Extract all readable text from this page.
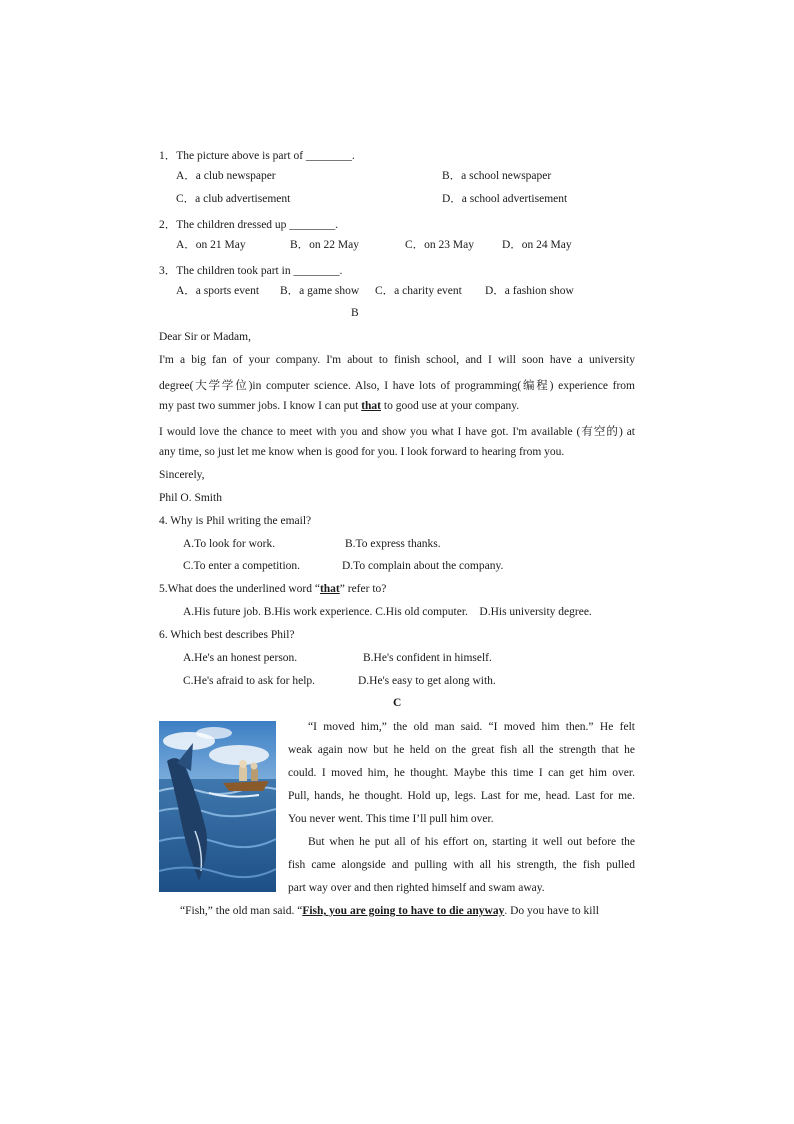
1．The picture above is part of ________.
A．a club newspaper	B．a school newspaper
C．a club advertisement	D．a school advertisement
2．The children dressed up ________.
A．on 21 May	B．on 22 May	C．on 23 May D．on 24 May
3．The children took part in ________.
A．a sports event B．a game show C．a charity event D．a fashion show
B
Dear Sir or Madam,
I'm a big fan of your company. I'm about to finish school, and I will soon have a university
degree(大学学位)in computer science. Also, I have lots of programming(编程) experience from
my past two summer jobs. I know I can put that to good use at your company.
I would love the chance to meet with you and show you what I have got. I'm available (有空的) at
any time, so just let me know when is good for you. I look forward to hearing from you.
Sincerely,
Phil O. Smith
4. Why is Phil writing the email?
A.To look for work.	B.To express thanks.
C.To enter a competition.	D.To complain about the company.
5.What does the underlined word “that” refer to?
A.His future job. B.His work experience. C.His old computer.    D.His university degree.
6. Which best describes Phil?
A.He's an honest person.	B.He's confident in himself.
C.He's afraid to ask for help.	D.He's easy to get along with.
C
“I moved him,” the old man said. “I moved him then.” He felt
weak again now but he held on the great fish all the strength that he
could. I moved him, he thought. Maybe this time I can get him over.
Pull, hands, he thought. Hold up, legs. Last for me, head. Last for me.
You never went. This time I’ll pull him over.
But when he put all of his effort on, starting it well out before the
fish came alongside and pulling with all his strength, the fish pulled
part way over and then righted himself and swam away.
“Fish,” the old man said. “Fish, you are going to have to die anyway. Do you have to kill
